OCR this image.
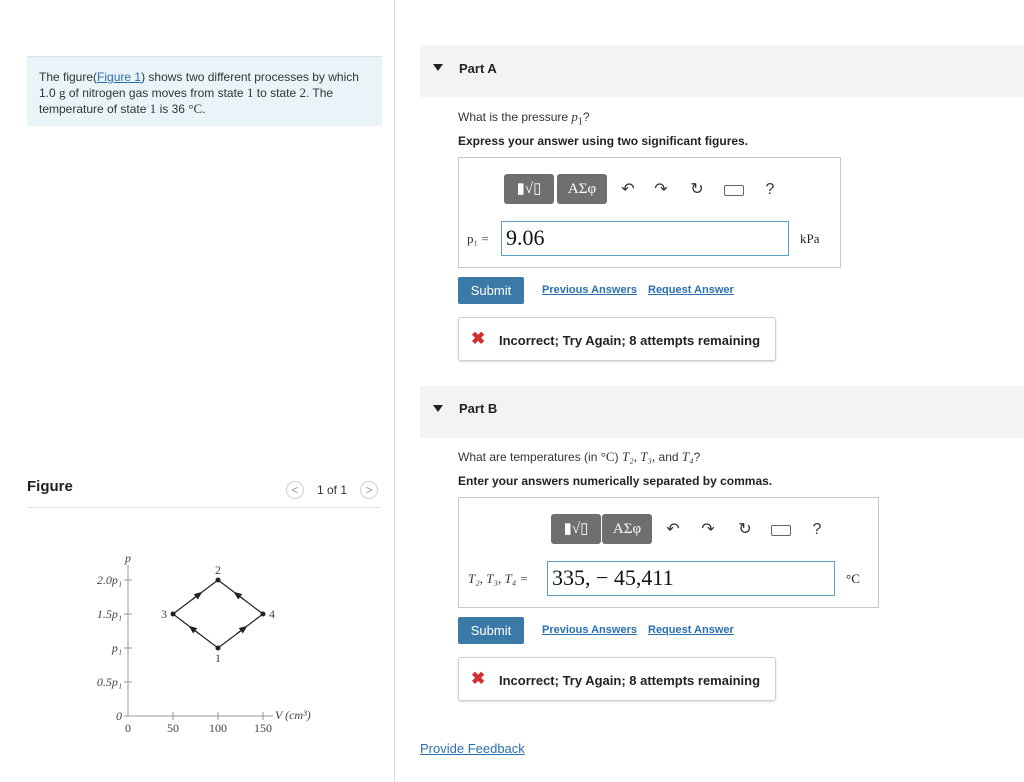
The figure(Figure 1) shows two different processes by which
1.0 g of nitrogen gas moves from state 1 to state 2. The
temperature of state 1 is 36 °C.
Figure	<	1 of 1	>
2.0p₁
1.5p₁
p₁
0.5p₁
0
0	50	100 150
p
V (cm³)
1
2
3	4
Part A
What is the pressure $p_1$?
Express your answer using two significant figures.
▮√▯	ΑΣφ	↶ ↷ ↻	?
p₁ = 9.06	kPa
Submit	Previous Answers Request Answer
✖ Incorrect; Try Again; 8 attempts remaining
Part B
What are temperatures (in °C) T₂, T₃, and T₄?
Enter your answers numerically separated by commas.
▮√▯	ΑΣφ	↶ ↷ ↻	?
T₂, T₃, T₄ = 335, − 45,411	°C
Submit	Previous Answers Request Answer
✖ Incorrect; Try Again; 8 attempts remaining
Provide Feedback
